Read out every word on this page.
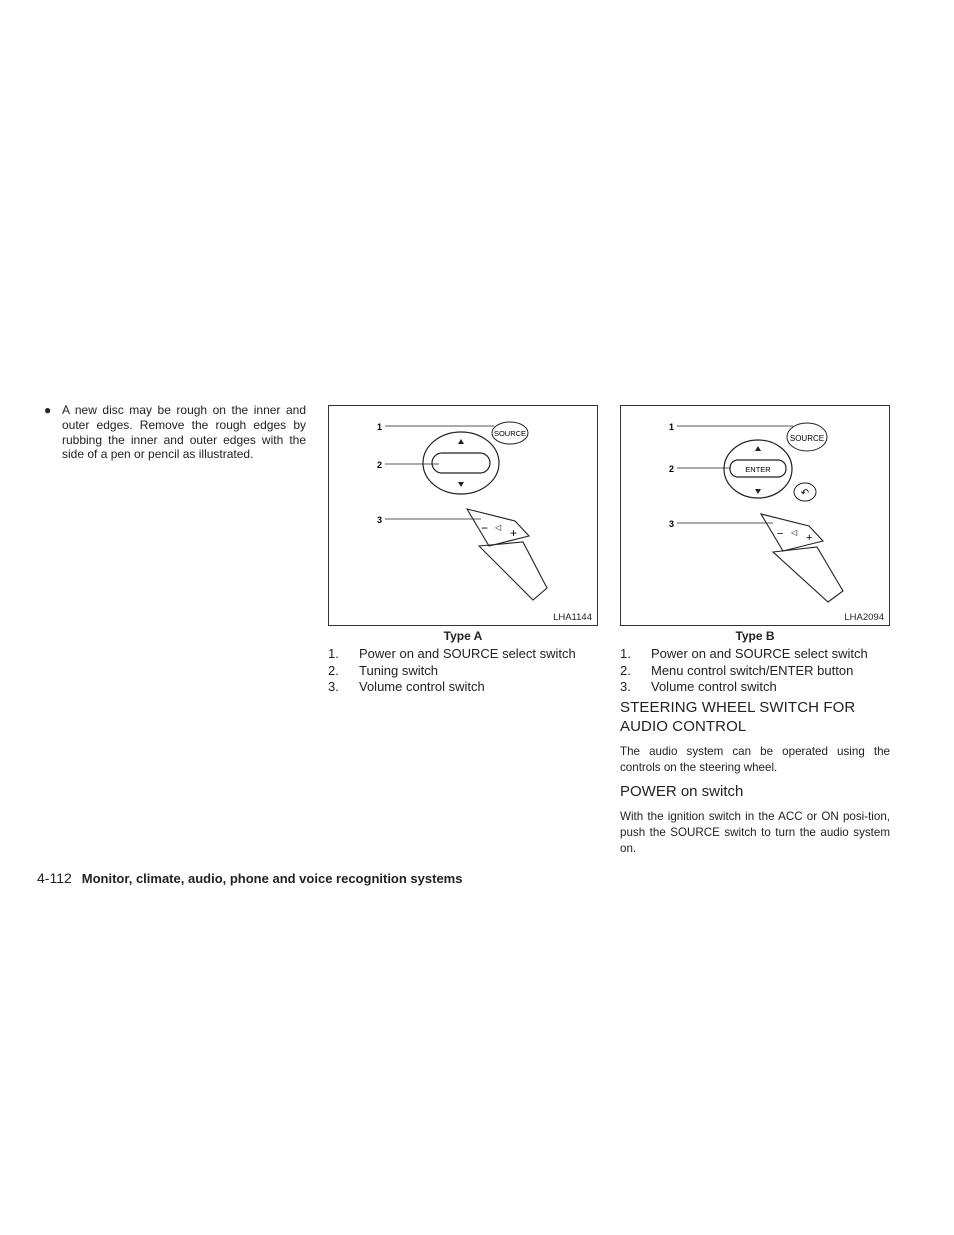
● A new disc may be rough on the inner and outer edges. Remove the rough edges by rubbing the inner and outer edges with the side of a pen or pencil as illustrated.
1
2
3
SOURCE
− ◁ +
LHA1144
1
2
3
SOURCE
ENTER
↶
− ◁ +
LHA2094
Type A	Type B
1. Power on and SOURCE select switch
2. Tuning switch
3. Volume control switch
1. Power on and SOURCE select switch
2. Menu control switch/ENTER button
3. Volume control switch
STEERING WHEEL SWITCH FOR AUDIO CONTROL
The audio system can be operated using the controls on the steering wheel.
POWER on switch
With the ignition switch in the ACC or ON posi-tion, push the SOURCE switch to turn the audio system on.
4-112 Monitor, climate, audio, phone and voice recognition systems
